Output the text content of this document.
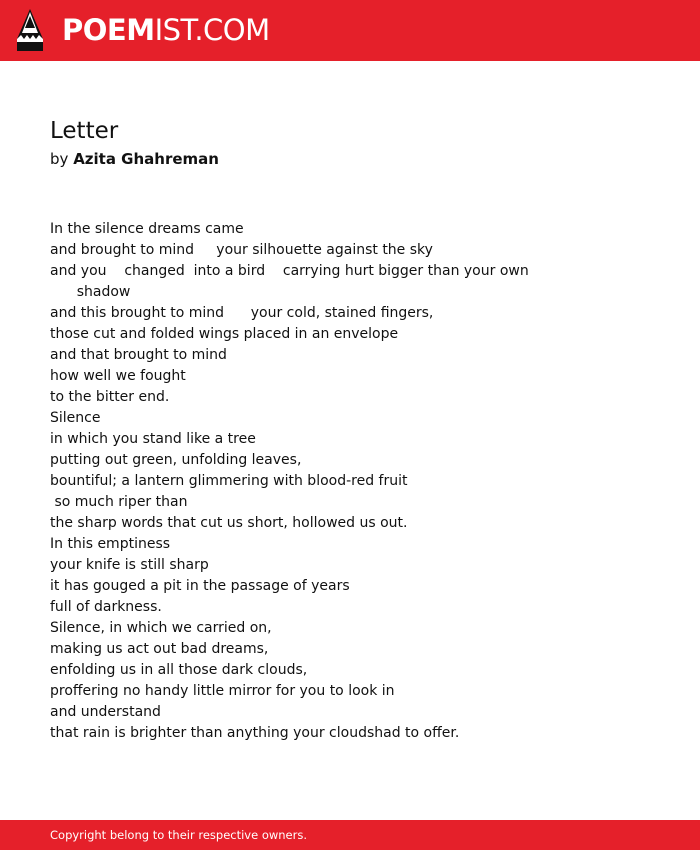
POEMIST.COM
Letter
by Azita Ghahreman
In the silence dreams came
and brought to mind     your silhouette against the sky
and you    changed  into a bird    carrying hurt bigger than your own
shadow
and this brought to mind      your cold, stained fingers,
those cut and folded wings placed in an envelope
and that brought to mind
how well we fought
to the bitter end.
Silence
in which you stand like a tree
putting out green, unfolding leaves,
bountiful; a lantern glimmering with blood-red fruit
so much riper than
the sharp words that cut us short, hollowed us out.
In this emptiness
your knife is still sharp
it has gouged a pit in the passage of years
full of darkness.
Silence, in which we carried on,
making us act out bad dreams,
enfolding us in all those dark clouds,
proffering no handy little mirror for you to look in
and understand
that rain is brighter than anything your cloudshad to offer.
Copyright belong to their respective owners.
